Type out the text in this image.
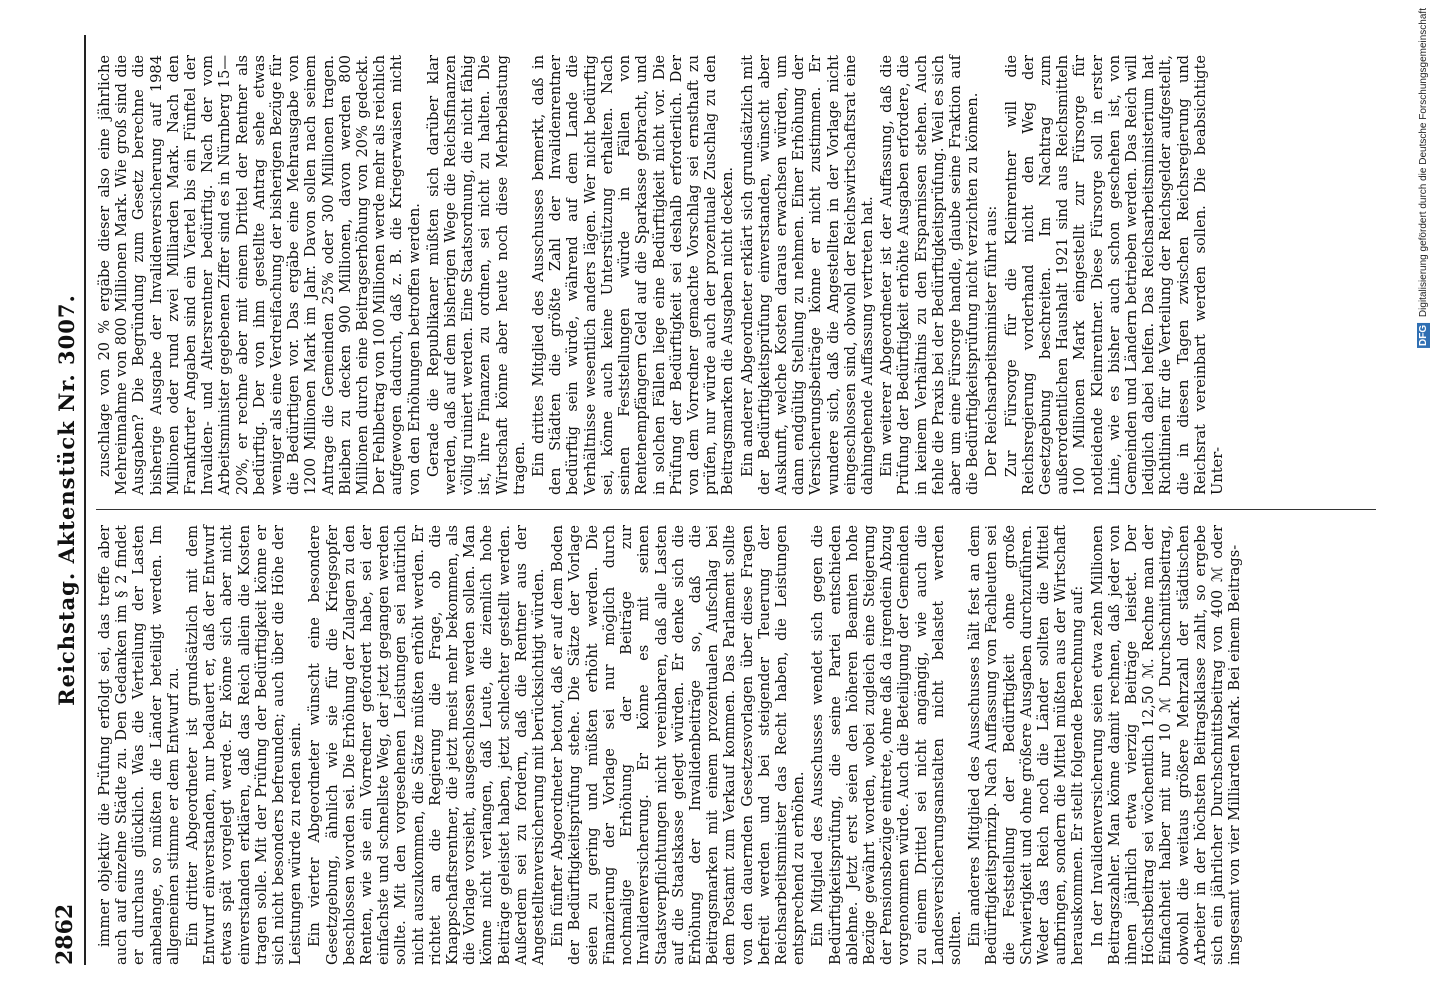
DFG Digitalisierung gefördert durch die Deutsche Forschungsgemeinschaft
2862
Reichstag. Aktenstück Nr. 3007.

immer objektiv die Prüfung erfolgt sei, das treffe aber auch auf einzelne Städte zu. Den Gedanken im § 2 findet er durchaus glücklich. Was die Verteilung der Lasten anbelange, so müßten die Länder beteiligt werden. Im allgemeinen stimme er dem Entwurf zu. Ein dritter Abgeordneter ist grundsätzlich mit dem Entwurf einverstanden, nur bedauert er, daß der Entwurf etwas spät vorgelegt werde. Er könne sich aber nicht einverstanden erklären, daß das Reich allein die Kosten tragen solle. Mit der Prüfung der Bedürftigkeit könne er sich nicht besonders befreunden; auch über die Höhe der Leistungen würde zu reden sein. Ein vierter Abgeordneter wünscht eine besondere Gesetzgebung, ähnlich wie sie für die Kriegsopfer beschlossen worden sei. Die Erhöhung der Zulagen zu den Renten, wie sie ein Vorredner gefordert habe, sei der einfachste und schnellste Weg, der jetzt gegangen werden sollte. Mit den vorgesehenen Leistungen sei natürlich nicht auszukommen, die Sätze müßten erhöht werden. Er richtet an die Regierung die Frage, ob die Knappschaftsrentner, die jetzt meist mehr bekommen, als die Vorlage vorsieht, ausgeschlossen werden sollen. Man könne nicht verlangen, daß Leute, die ziemlich hohe Beiträge geleistet haben, jetzt schlechter gestellt werden. Außerdem sei zu fordern, daß die Rentner aus der Angestelltenversicherung mit berücksichtigt würden. Ein fünfter Abgeordneter betont, daß er auf dem Boden der Bedürftigkeitsprüfung stehe. Die Sätze der Vorlage seien zu gering und müßten erhöht werden. Die Finanzierung der Vorlage sei nur möglich durch nochmalige Erhöhung der Beiträge zur Invalidenversicherung. Er könne es mit seinen Staatsverpflichtungen nicht vereinbaren, daß alle Lasten auf die Staatskasse gelegt würden. Er denke sich die Erhöhung der Invalidenbeiträge so, daß die Beitragsmarken mit einem prozentualen Aufschlag bei dem Postamt zum Verkauf kommen. Das Parlament sollte von den dauernden Gesetzesvorlagen über diese Fragen befreit werden und bei steigender Teuerung der Reichsarbeitsminister das Recht haben, die Leistungen entsprechend zu erhöhen. Ein Mitglied des Ausschusses wendet sich gegen die Bedürftigkeitsprüfung, die seine Partei entschieden ablehne. Jetzt erst seien den höheren Beamten hohe Bezüge gewährt worden, wobei zugleich eine Steigerung der Pensionsbezüge eintrete, ohne daß da irgendein Abzug vorgenommen würde. Auch die Beteiligung der Gemeinden zu einem Drittel sei nicht angängig, wie auch die Landesversicherungsanstalten nicht belastet werden sollten. Ein anderes Mitglied des Ausschusses hält fest an dem Bedürftigkeitsprinzip. Nach Auffassung von Fachleuten sei die Feststellung der Bedürftigkeit ohne große Schwierigkeit und ohne größere Ausgaben durchzuführen. Weder das Reich noch die Länder sollten die Mittel aufbringen, sondern die Mittel müßten aus der Wirtschaft herauskommen. Er stellt folgende Berechnung auf: In der Invalidenversicherung seien etwa zehn Millionen Beitragszahler. Man könne damit rechnen, daß jeder von ihnen jährlich etwa vierzig Beiträge leistet. Der Höchstbeitrag sei wöchentlich 12,50 ℳ. Rechne man der Einfachheit halber mit nur 10 ℳ Durchschnittsbeitrag, obwohl die weitaus größere Mehrzahl der städtischen Arbeiter in der höchsten Beitragsklasse zahlt, so ergebe sich ein jährlicher Durchschnittsbeitrag von 400 ℳ oder insgesamt von vier Milliarden Mark. Bei einem Beitrags-

zuschlage von 20 % ergäbe dieser also eine jährliche Mehreinnahme von 800 Millionen Mark. Wie groß sind die Ausgaben? Die Begründung zum Gesetz berechne die bisherige Ausgabe der Invalidenversicherung auf 1984 Millionen oder rund zwei Milliarden Mark. Nach den Frankfurter Angaben sind ein Viertel bis ein Fünftel der Invaliden- und Altersrentner bedürftig. Nach der vom Arbeitsminister gegebenen Ziffer sind es in Nürnberg 15—20%, er rechne aber mit einem Drittel der Rentner als bedürftig. Der von ihm gestellte Antrag sehe etwas weniger als eine Verdreifachung der bisherigen Bezüge für die Bedürftigen vor. Das ergäbe eine Mehrausgabe von 1200 Millionen Mark im Jahr. Davon sollen nach seinem Antrage die Gemeinden 25% oder 300 Millionen tragen. Bleiben zu decken 900 Millionen, davon werden 800 Millionen durch eine Beitragserhöhung von 20% gedeckt. Der Fehlbetrag von 100 Millionen werde mehr als reichlich aufgewogen dadurch, daß z. B. die Kriegerwaisen nicht von den Erhöhungen betroffen werden. Gerade die Republikaner müßten sich darüber klar werden, daß auf dem bisherigen Wege die Reichsfinanzen völlig ruiniert werden. Eine Staatsordnung, die nicht fähig ist, ihre Finanzen zu ordnen, sei nicht zu halten. Die Wirtschaft könne aber heute noch diese Mehrbelastung tragen. Ein drittes Mitglied des Ausschusses bemerkt, daß in den Städten die größte Zahl der Invalidenrentner bedürftig sein würde, während auf dem Lande die Verhältnisse wesentlich anders lägen. Wer nicht bedürftig sei, könne auch keine Unterstützung erhalten. Nach seinen Feststellungen würde in Fällen von Rentenempfängern Geld auf die Sparkasse gebracht, und in solchen Fällen liege eine Bedürftigkeit nicht vor. Die Prüfung der Bedürftigkeit sei deshalb erforderlich. Der von dem Vorredner gemachte Vorschlag sei ernsthaft zu prüfen, nur würde auch der prozentuale Zuschlag zu den Beitragsmarken die Ausgaben nicht decken. Ein anderer Abgeordneter erklärt sich grundsätzlich mit der Bedürftigkeitsprüfung einverstanden, wünscht aber Auskunft, welche Kosten daraus erwachsen würden, um dann endgültig Stellung zu nehmen. Einer Erhöhung der Versicherungsbeiträge könne er nicht zustimmen. Er wundere sich, daß die Angestellten in der Vorlage nicht eingeschlossen sind, obwohl der Reichswirtschaftsrat eine dahingehende Auffassung vertreten hat. Ein weiterer Abgeordneter ist der Auffassung, daß die Prüfung der Bedürftigkeit erhöhte Ausgaben erfordere, die in keinem Verhältnis zu den Ersparnissen stehen. Auch fehle die Praxis bei der Bedürftigkeitsprüfung. Weil es sich aber um eine Fürsorge handle, glaube seine Fraktion auf die Bedürftigkeitsprüfung nicht verzichten zu können. Der Reichsarbeitsminister führt aus: Zur Fürsorge für die Kleinrentner will die Reichsregierung vorderhand nicht den Weg der Gesetzgebung beschreiten. Im Nachtrag zum außerordentlichen Haushalt 1921 sind aus Reichsmitteln 100 Millionen Mark eingestellt zur Fürsorge für notleidende Kleinrentner. Diese Fürsorge soll in erster Linie, wie es bisher auch schon geschehen ist, von Gemeinden und Ländern betrieben werden. Das Reich will lediglich dabei helfen. Das Reichsarbeitsministerium hat Richtlinien für die Verteilung der Reichsgelder aufgestellt, die in diesen Tagen zwischen Reichsregierung und Reichsrat vereinbart werden sollen. Die beabsichtigte Unter-
